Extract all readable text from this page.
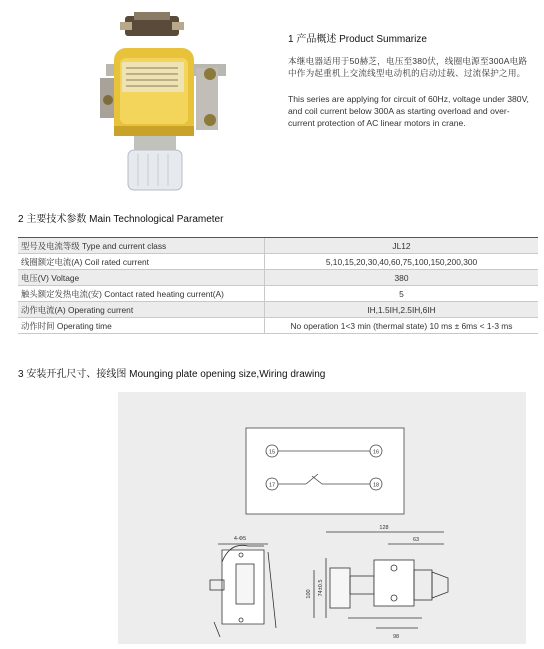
1 产品概述 Product Summarize
本继电器适用于50赫芝，电压至380伏，线圈电源至300A电路中作为起重机上交流线型电动机的启动过载、过流保护之用。
This series are applying for circuit of 60Hz, voltage under 380V, and coil current below 300A as starting overload and over-current protection of AC linear motors in crane.
2 主要技术参数 Main Technological Parameter
型号及电流等级 Type and current class	JL12
线圈额定电流(A) Coil rated current	5,10,15,20,30,40,60,75,100,150,200,300
电压(V) Voltage	380
触头额定发热电流(安) Contact rated heating current(A)	5
动作电流(A) Operating current	IH,1.5IH,2.5IH,6IH
动作时间 Operating time	No operation 1<3 min (thermal state) 10 ms ± 6ms < 1-3 ms
3 安装开孔尺寸、接线图 Mounging plate opening size,Wiring drawing
15	16
17	18
4-Φ5
128
63
98
100 74±0.5
